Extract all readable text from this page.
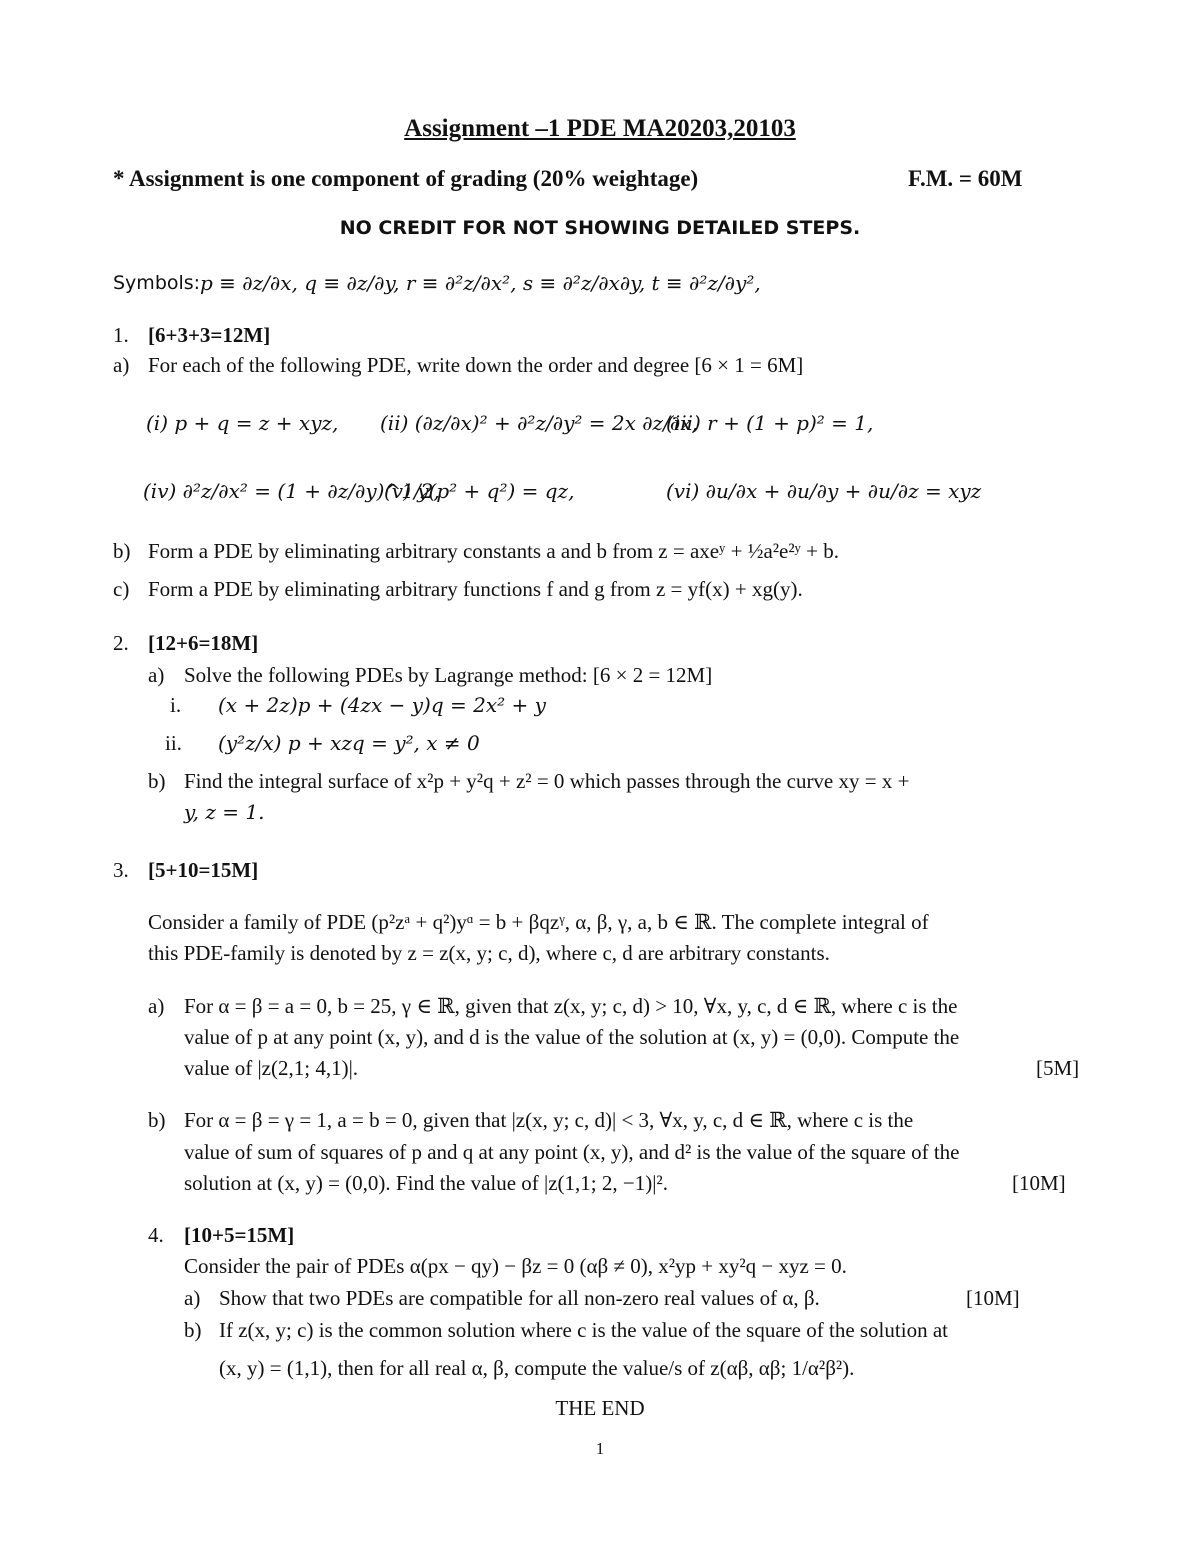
Assignment –1 PDE MA20203,20103
* Assignment is one component of grading (20% weightage)	F.M. = 60M
NO CREDIT FOR NOT SHOWING DETAILED STEPS.
Symbols: p ≡ ∂z/∂x, q ≡ ∂z/∂y, r ≡ ∂²z/∂x², s ≡ ∂²z/∂x∂y, t ≡ ∂²z/∂y²,
1. [6+3+3=12M]
a) For each of the following PDE, write down the order and degree [6 × 1 = 6M]
(i) p + q = z + xyz, (ii) (∂z/∂x)² + ∂²z/∂y² = 2x ∂z/∂x,
(iii) r + (1 + p)² = 1,
(iv) ∂²z/∂x² = (1 + ∂z/∂y)^1/2,
(v) y(p² + q²) = qz,	(vi) ∂u/∂x + ∂u/∂y + ∂u/∂z = xyz
b) Form a PDE by eliminating arbitrary constants a and b from z = axeʸ + ½a²e²ʸ + b.
c) Form a PDE by eliminating arbitrary functions f and g from z = yf(x) + xg(y).
2. [12+6=18M]
a) Solve the following PDEs by Lagrange method: [6 × 2 = 12M]
i. (x + 2z)p + (4zx − y)q = 2x² + y
ii. (y²z/x) p + xzq = y², x ≠ 0
b) Find the integral surface of x²p + y²q + z² = 0 which passes through the curve xy = x +
y, z = 1.
3. [5+10=15M]
Consider a family of PDE (p²zᵃ + q²)yᵅ = b + βqzᵞ, α, β, γ, a, b ∈ ℝ. The complete integral of
this PDE-family is denoted by z = z(x, y; c, d), where c, d are arbitrary constants.
a) For α = β = a = 0, b = 25, γ ∈ ℝ, given that z(x, y; c, d) > 10, ∀x, y, c, d ∈ ℝ, where c is the
value of p at any point (x, y), and d is the value of the solution at (x, y) = (0,0). Compute the
value of |z(2,1; 4,1)|.	[5M]
b) For α = β = γ = 1, a = b = 0, given that |z(x, y; c, d)| < 3, ∀x, y, c, d ∈ ℝ, where c is the
value of sum of squares of p and q at any point (x, y), and d² is the value of the square of the
solution at (x, y) = (0,0). Find the value of |z(1,1; 2, −1)|².	[10M]
4. [10+5=15M]
Consider the pair of PDEs α(px − qy) − βz = 0 (αβ ≠ 0), x²yp + xy²q − xyz = 0.
a) Show that two PDEs are compatible for all non-zero real values of α, β.	[10M]
b) If z(x, y; c) is the common solution where c is the value of the square of the solution at
(x, y) = (1,1), then for all real α, β, compute the value/s of z(αβ, αβ; 1/α²β²).
THE END
1
